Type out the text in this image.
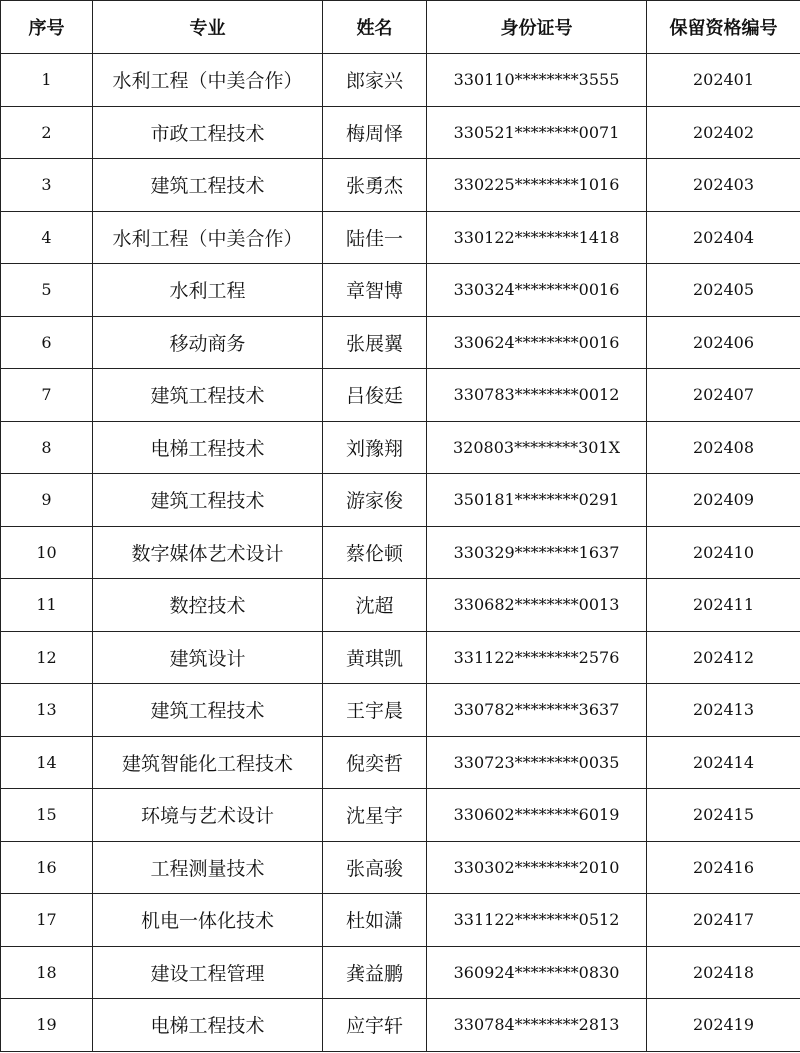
序号	专业	姓名	身份证号	保留资格编号
1	水利工程（中美合作）	郎家兴	330110********3555	202401
2	市政工程技术	梅周怿	330521********0071	202402
3	建筑工程技术	张勇杰	330225********1016	202403
4	水利工程（中美合作）	陆佳一	330122********1418	202404
5	水利工程	章智博	330324********0016	202405
6	移动商务	张展翼	330624********0016	202406
7	建筑工程技术	吕俊廷	330783********0012	202407
8	电梯工程技术	刘豫翔	320803********301X	202408
9	建筑工程技术	游家俊	350181********0291	202409
10	数字媒体艺术设计	蔡伦顿	330329********1637	202410
11	数控技术	沈超	330682********0013	202411
12	建筑设计	黄琪凯	331122********2576	202412
13	建筑工程技术	王宇晨	330782********3637	202413
14	建筑智能化工程技术	倪奕哲	330723********0035	202414
15	环境与艺术设计	沈星宇	330602********6019	202415
16	工程测量技术	张高骏	330302********2010	202416
17	机电一体化技术	杜如潇	331122********0512	202417
18	建设工程管理	龚益鹏	360924********0830	202418
19	电梯工程技术	应宇轩	330784********2813	202419
